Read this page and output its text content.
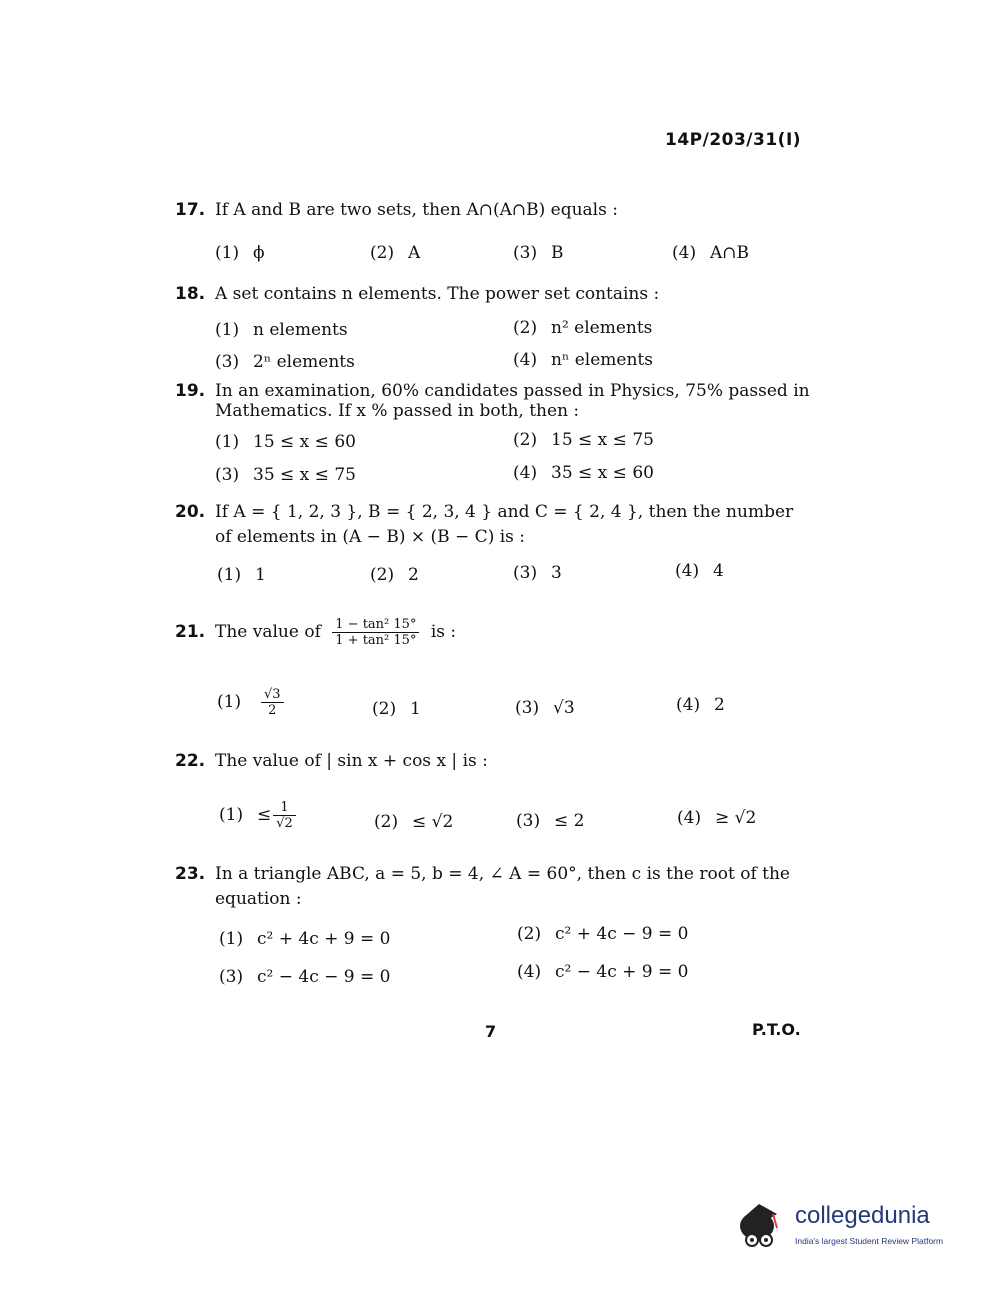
14P/203/31(I)
17. If A and B are two sets, then A∩(A∩B) equals :
(1) ϕ	(2) A	(3) B	(4) A∩B
18. A set contains n elements. The power set contains :
(1) n elements	(2) n² elements
(3) 2ⁿ elements	(4) nⁿ elements
19. In an examination, 60% candidates passed in Physics, 75% passed in Mathematics. If x % passed in both, then :
(1) 15 ≤ x ≤ 60	(2) 15 ≤ x ≤ 75
(3) 35 ≤ x ≤ 75	(4) 35 ≤ x ≤ 60
20. If A = { 1, 2, 3 }, B = { 2, 3, 4 } and C = { 2, 4 }, then the number of elements in (A − B) × (B − C) is :
(1) 1	(2) 2	(3) 3	(4) 4
21. The value of $\frac{\text{1 − tan² 15°}}{\text{1 + tan² 15°}}$ is :
$(1) \frac{√3}{2}$	(2) 1	(3) √3	(4) 2
22. The value of | sin x + cos x | is :
$(1) \le \frac{1}{√2}$	(2) ≤ √2	(3) ≤ 2	(4) ≥ √2
23. In a triangle ABC, a = 5, b = 4, ∠ A = 60°, then c is the root of the equation :
(1) c² + 4c + 9 = 0	(2) c² + 4c − 9 = 0
(3) c² − 4c − 9 = 0	(4) c² − 4c + 9 = 0
7	P.T.O.
collegedunia
India's largest Student Review Platform
